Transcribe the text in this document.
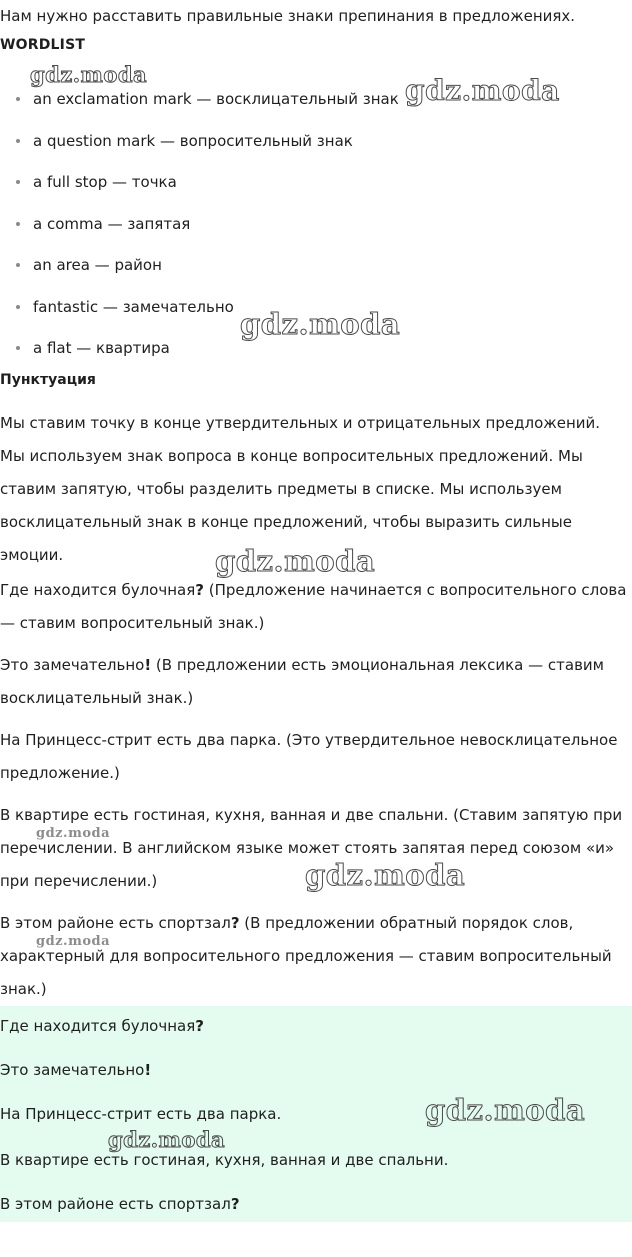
Нам нужно расставить правильные знаки препинания в предложениях.

WORDLIST
an exclamation mark — восклицательный знак
a question mark — вопросительный знак
a full stop — точка
a comma — запятая
an area — район
fantastic — замечательно
a flat — квартира
Пунктуация

Мы ставим точку в конце утвердительных и отрицательных предложений. Мы используем знак вопроса в конце вопросительных предложений. Мы ставим запятую, чтобы разделить предметы в списке. Мы используем восклицательный знак в конце предложений, чтобы выразить сильные эмоции.

Где находится булочная? (Предложение начинается с вопросительного слова — ставим вопросительный знак.)

Это замечательно! (В предложении есть эмоциональная лексика — ставим восклицательный знак.)

На Принцесс-стрит есть два парка. (Это утвердительное невосклицательное предложение.)

В квартире есть гостиная, кухня, ванная и две спальни. (Ставим запятую при перечислении. В английском языке может стоять запятая перед союзом «и» при перечислении.)

В этом районе есть спортзал? (В предложении обратный порядок слов, характерный для вопросительного предложения — ставим вопросительный знак.)

Где находится булочная?

Это замечательно!

На Принцесс-стрит есть два парка.

В квартире есть гостиная, кухня, ванная и две спальни.

В этом районе есть спортзал?

gdz.moda	gdz.moda
gdz.moda
gdz.moda
gdz.moda
gdz.moda
gdz.moda
gdz.moda
gdz.moda
